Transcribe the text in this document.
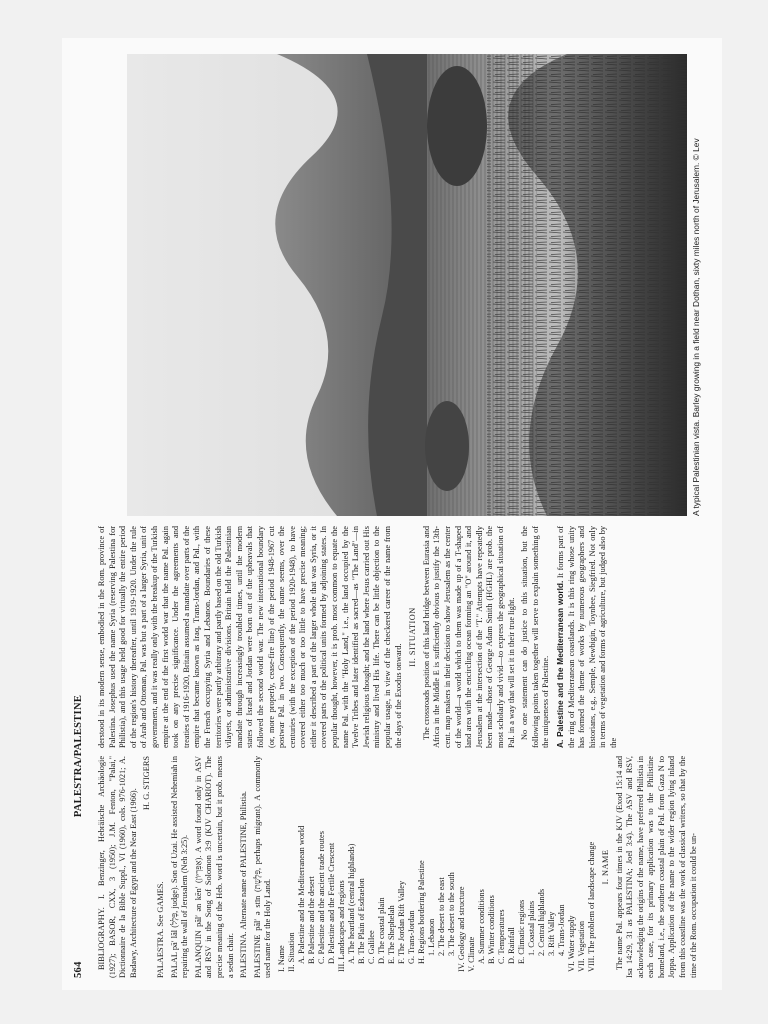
564
PALESTRA/PALESTINE BIBLIOGRAPHY. I. Benzinger, Hebräische Archäologie (1927); BASOR, CXX, 3 (1950); J.M. Fenton, "Palai," Dictionnaire de la Bible Suppl., VI (1960), cols. 976-1021; A. Badawy, Architecture of Egypt and the Near East (1966).

H. G. STIGERS

PALAESTRA. See GAMES. PALAL pā′ lăl (פָּלָל, judge). Son of Uzai. He assisted Nehemiah in repairing the wall of Jerusalem (Neh 3:25). PALANQUIN păl′ ən kēn′ (אַפִּרְיוֹן). A word found only in ASV and RSV in the Song of Solomon 3:9 (KJV CHARIOT). The precise meaning of the Heb. word is uncertain, but it prob. means a sedan chair. PALESTINA. Alternate name of PALESTINE, Philistia. PALESTINE păl′ ə stīn (פְּלֶשֶׁת, perhaps migrant). A commonly used name for the Holy Land. I. Name II. Situation A. Palestine and the Mediterranean world B. Palestine and the desert C. Palestine and the ancient trade routes D. Palestine and the Fertile Crescent III. Landscapes and regions A. The heartland (central highlands) B. The Plain of Esdraelon C. Galilee D. The coastal plain E. The Shephelah F. The Jordan Rift Valley G. Trans-Jordan H. Regions bordering Palestine 1. Lebanon 2. The desert to the east 3. The desert to the south IV. Geology and structure V. Climate A. Summer conditions B. Winter conditions C. Temperatures D. Rainfall E. Climatic regions 1. Coastal plains 2. Central highlands 3. Rift Valley 4. Trans-Jordan VI. Water supply VII. Vegetation VIII. The problem of landscape change I. NAME The name Pal. appears four times in the KJV (Exod 15:14 and Isa 14:29, 31 as PALESTINA; Joel 3:4). The ASV and RSV, acknowledging the origins of the name, have preferred Philistia in each case, for its primary application was to the Philistine homeland, i.e., the southern coastal plain of Pal. from Gaza N to Joppa. Application of the name to the wider region lying inland from this coastline was the work of classical writers, so that by the time of the Rom. occupation it could be un-

derstood in its modern sense, embodied in the Rom. province of Palestina. Josephus used the name Syria (reserving Palestina for Philistia), and this usage held good for virtually the entire period of the region's history thereafter, until 1919-1920. Under the rule of Arab and Ottoman, Pal. was but a part of a larger Syria, unit of government, and it was really only with the breakup of the Turkish empire at the end of the first world war that the name Pal. again took on any precise significance. Under the agreements and treaties of 1916-1920, Britain assumed a mandate over parts of the empire that became known as Iraq, Trans-Jordan, and Pal., with the French occupying Syria and Lebanon. Boundaries of these territories were partly arbitrary and partly based on the old Turkish vilayets, or administrative divisions. Britain held the Palestinian mandate through increasingly troubled times, until the modern states of Israel and Jordan were born out of the upheavals that followed the second world war. The new international boundary (or, more properly, cease-fire line) of the period 1948-1967 cut postwar Pal. in two. Consequently, the name seems, over the centuries (with the exception of the period 1920-1948), to have covered either too much or too little to have precise meaning; either it described a part of the larger whole that was Syria, or it covered parts of the political units formed by adjoining states. In popular thought, however, it is prob. most common to equate the name Pal. with the "Holy Land," i.e., the land occupied by the Twelve Tribes and later identified as sacred—as "The Land"—in Jewish religious thought; and the land where Jesus carried out His ministry and lived His life. There can be little objection to the popular usage, in view of the checkered career of the name from the days of the Exodus onward.

II. SITUATION The crossroads position of this land bridge between Eurasia and Africa in the Middle E is sufficiently obvious to justify the 13th-cent. map makers in their decision to show Jerusalem as the center of the world—a world which to them was made up of a T-shaped land area with the encircling ocean forming an "O" around it, and Jerusalem at the intersection of the "T." Attempts have repeatedly been made—those of George Adam Smith (HGHL) are prob. the most scholarly and vivid—to express the geographical situation of Pal. in a way that will set it in their true light. No one statement can do justice to this situation, but the following points taken together will serve to explain something of the uniqueness of Palestine. A. Palestine and the Mediterranean world. It forms part of the ring of Mediterranean coastlands. It is this ring whose unity has formed the theme of works by numerous geographers and historians, e.g., Semple, Newbigin, Toynbee, Siegfried. Not only in terms of vegetation and forms of agriculture, but judged also by the

A typical Palestinian vista. Barley growing in a field near Dothan, sixty miles north of Jerusalem. © Lev
